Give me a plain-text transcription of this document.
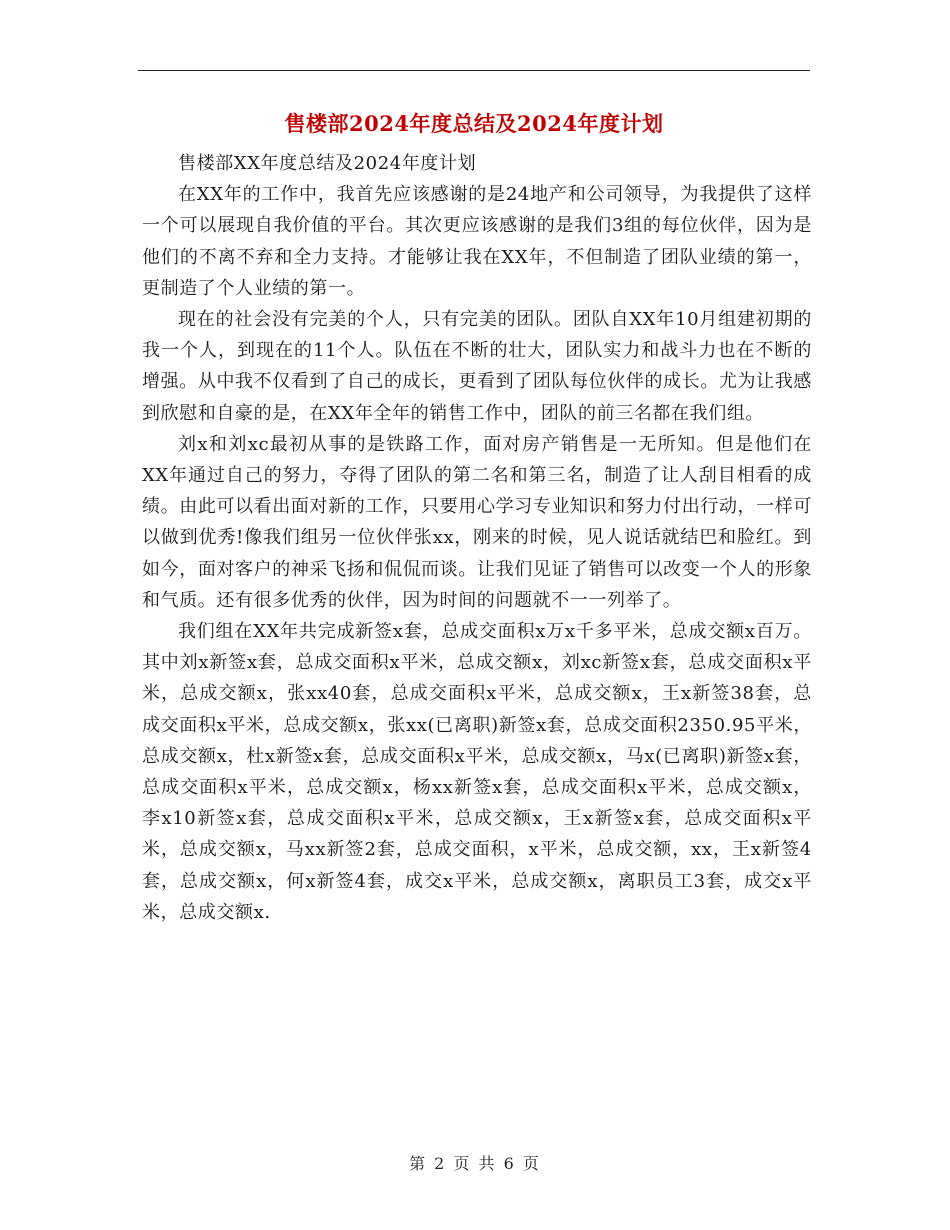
售楼部2024年度总结及2024年度计划

售楼部XX年度总结及2024年度计划

在XX年的工作中，我首先应该感谢的是24地产和公司领导，为我提供了这样一个可以展现自我价值的平台。其次更应该感谢的是我们3组的每位伙伴，因为是他们的不离不弃和全力支持。才能够让我在XX年，不但制造了团队业绩的第一，更制造了个人业绩的第一。

现在的社会没有完美的个人，只有完美的团队。团队自XX年10月组建初期的我一个人，到现在的11个人。队伍在不断的壮大，团队实力和战斗力也在不断的增强。从中我不仅看到了自己的成长，更看到了团队每位伙伴的成长。尤为让我感到欣慰和自豪的是，在XX年全年的销售工作中，团队的前三名都在我们组。

刘x和刘xc最初从事的是铁路工作，面对房产销售是一无所知。但是他们在XX年通过自己的努力，夺得了团队的第二名和第三名，制造了让人刮目相看的成绩。由此可以看出面对新的工作，只要用心学习专业知识和努力付出行动，一样可以做到优秀!像我们组另一位伙伴张xx，刚来的时候，见人说话就结巴和脸红。到如今，面对客户的神采飞扬和侃侃而谈。让我们见证了销售可以改变一个人的形象和气质。还有很多优秀的伙伴，因为时间的问题就不一一列举了。

我们组在XX年共完成新签x套，总成交面积x万x千多平米，总成交额x百万。其中刘x新签x套，总成交面积x平米，总成交额x，刘xc新签x套，总成交面积x平米，总成交额x，张xx40套，总成交面积x平米，总成交额x，王x新签38套，总成交面积x平米，总成交额x，张xx(已离职)新签x套，总成交面积2350.95平米，总成交额x，杜x新签x套，总成交面积x平米，总成交额x，马x(已离职)新签x套，总成交面积x平米，总成交额x，杨xx新签x套，总成交面积x平米，总成交额x，李x10新签x套，总成交面积x平米，总成交额x，王x新签x套，总成交面积x平米，总成交额x，马xx新签2套，总成交面积，x平米，总成交额，xx，王x新签4套，总成交额x，何x新签4套，成交x平米，总成交额x，离职员工3套，成交x平米，总成交额x.

第 2 页 共 6 页
